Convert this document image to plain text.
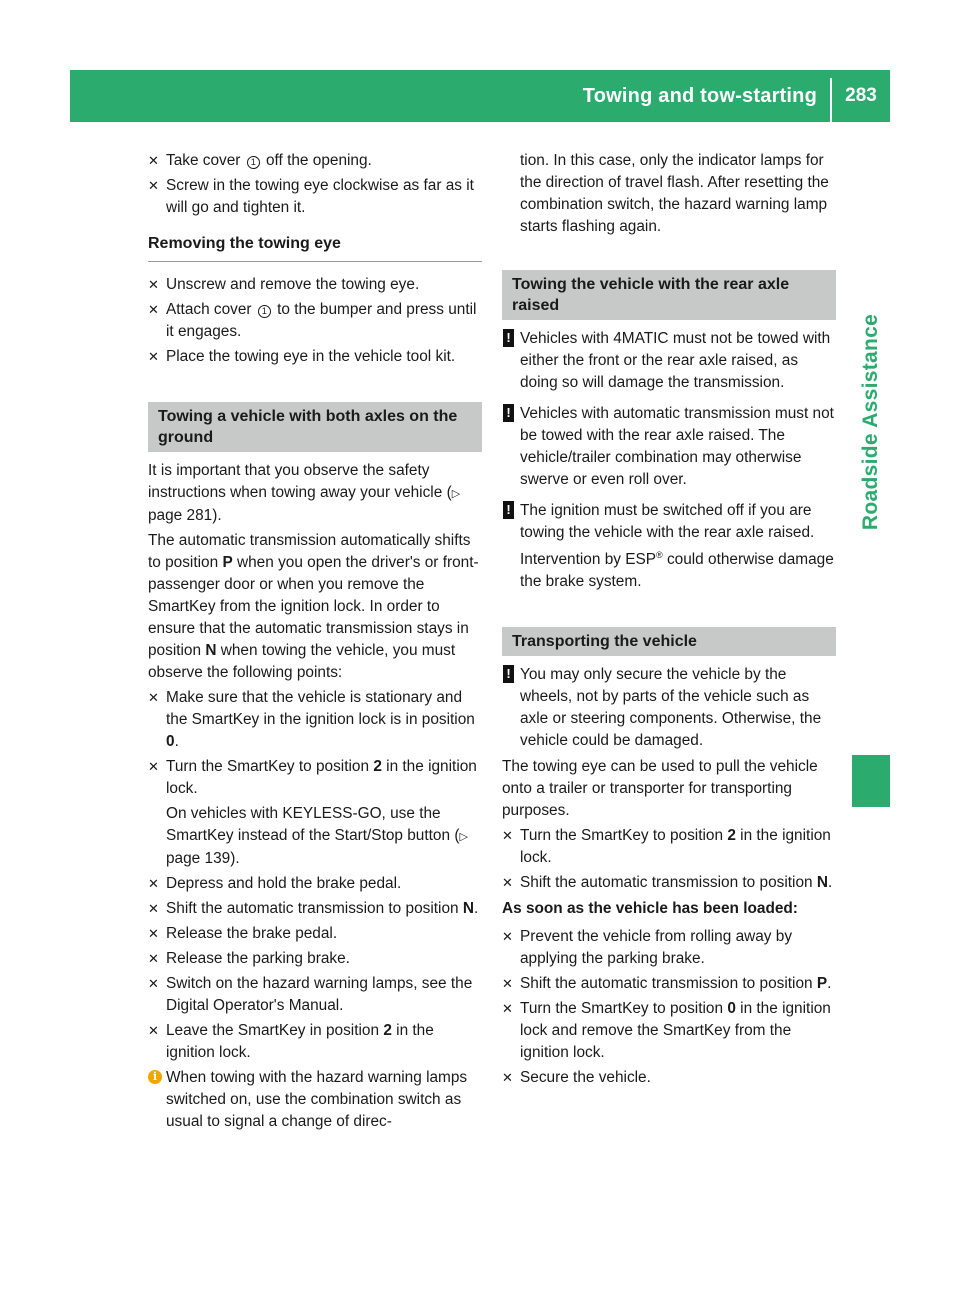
Towing and tow-starting	283
Roadside Assistance
✕ Take cover 1 off the opening.
✕ Screw in the towing eye clockwise as far as it will go and tighten it.
Removing the towing eye
✕ Unscrew and remove the towing eye.
✕ Attach cover 1 to the bumper and press until it engages.
✕ Place the towing eye in the vehicle tool kit.
Towing a vehicle with both axles on the ground
It is important that you observe the safety instructions when towing away your vehicle (▷ page 281).
The automatic transmission automatically shifts to position P when you open the driver's or front-passenger door or when you remove the SmartKey from the ignition lock. In order to ensure that the automatic transmission stays in position N when towing the vehicle, you must observe the following points:
✕ Make sure that the vehicle is stationary and the SmartKey in the ignition lock is in position 0.
✕ Turn the SmartKey to position 2 in the ignition lock.
On vehicles with KEYLESS-GO, use the SmartKey instead of the Start/Stop button (▷ page 139).
✕ Depress and hold the brake pedal.
✕ Shift the automatic transmission to position N.
✕ Release the brake pedal.
✕ Release the parking brake.
✕ Switch on the hazard warning lamps, see the Digital Operator's Manual.
✕ Leave the SmartKey in position 2 in the ignition lock.
i When towing with the hazard warning lamps switched on, use the combination switch as usual to signal a change of direc-
tion. In this case, only the indicator lamps for the direction of travel flash. After resetting the combination switch, the hazard warning lamp starts flashing again.
Towing the vehicle with the rear axle raised
! Vehicles with 4MATIC must not be towed with either the front or the rear axle raised, as doing so will damage the transmission.
! Vehicles with automatic transmission must not be towed with the rear axle raised. The vehicle/trailer combination may otherwise swerve or even roll over.
! The ignition must be switched off if you are towing the vehicle with the rear axle raised. Intervention by ESP® could otherwise damage the brake system.
Transporting the vehicle
! You may only secure the vehicle by the wheels, not by parts of the vehicle such as axle or steering components. Otherwise, the vehicle could be damaged.
The towing eye can be used to pull the vehicle onto a trailer or transporter for transporting purposes.
✕ Turn the SmartKey to position 2 in the ignition lock.
✕ Shift the automatic transmission to position N.
As soon as the vehicle has been loaded:
✕ Prevent the vehicle from rolling away by applying the parking brake.
✕ Shift the automatic transmission to position P.
✕ Turn the SmartKey to position 0 in the ignition lock and remove the SmartKey from the ignition lock.
✕ Secure the vehicle.
